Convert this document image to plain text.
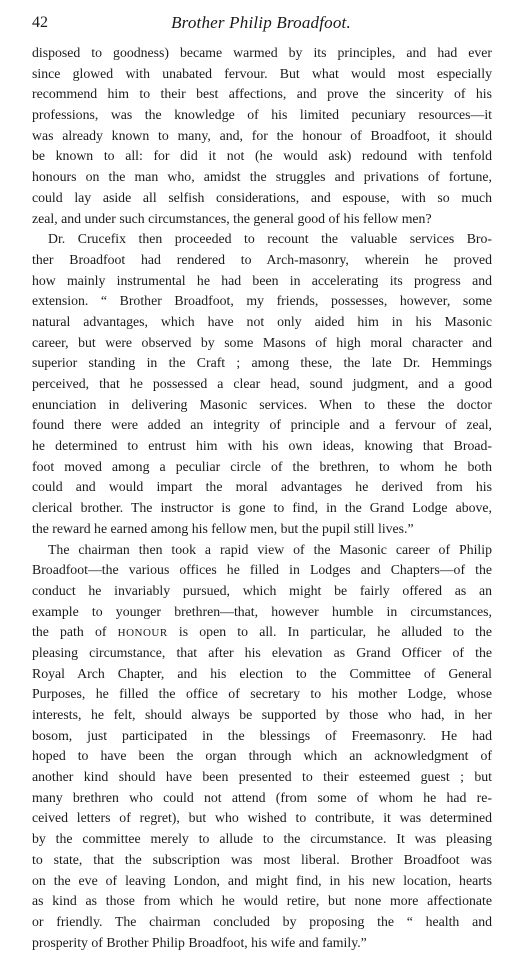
42	Brother Philip Broadfoot.
disposed to goodness) became warmed by its principles, and had ever
since glowed with unabated fervour. But what would most especially
recommend him to their best affections, and prove the sincerity of his
professions, was the knowledge of his limited pecuniary resources—it
was already known to many, and, for the honour of Broadfoot, it should
be known to all: for did it not (he would ask) redound with tenfold
honours on the man who, amidst the struggles and privations of fortune,
could lay aside all selfish considerations, and espouse, with so much
zeal, and under such circumstances, the general good of his fellow men?
Dr. Crucefix then proceeded to recount the valuable services Bro-
ther Broadfoot had rendered to Arch-masonry, wherein he proved
how mainly instrumental he had been in accelerating its progress and
extension. “ Brother Broadfoot, my friends, possesses, however, some
natural advantages, which have not only aided him in his Masonic
career, but were observed by some Masons of high moral character and
superior standing in the Craft ; among these, the late Dr. Hemmings
perceived, that he possessed a clear head, sound judgment, and a good
enunciation in delivering Masonic services. When to these the doctor
found there were added an integrity of principle and a fervour of zeal,
he determined to entrust him with his own ideas, knowing that Broad-
foot moved among a peculiar circle of the brethren, to whom he both
could and would impart the moral advantages he derived from his
clerical brother. The instructor is gone to find, in the Grand Lodge above,
the reward he earned among his fellow men, but the pupil still lives.”
The chairman then took a rapid view of the Masonic career of Philip
Broadfoot—the various offices he filled in Lodges and Chapters—of the
conduct he invariably pursued, which might be fairly offered as an
example to younger brethren—that, however humble in circumstances,
the path of HONOUR is open to all. In particular, he alluded to the
pleasing circumstance, that after his elevation as Grand Officer of the
Royal Arch Chapter, and his election to the Committee of General
Purposes, he filled the office of secretary to his mother Lodge, whose
interests, he felt, should always be supported by those who had, in her
bosom, just participated in the blessings of Freemasonry. He had
hoped to have been the organ through which an acknowledgment of
another kind should have been presented to their esteemed guest ; but
many brethren who could not attend (from some of whom he had re-
ceived letters of regret), but who wished to contribute, it was determined
by the committee merely to allude to the circumstance. It was pleasing
to state, that the subscription was most liberal. Brother Broadfoot was
on the eve of leaving London, and might find, in his new location, hearts
as kind as those from which he would retire, but none more affectionate
or friendly. The chairman concluded by proposing the “ health and
prosperity of Brother Philip Broadfoot, his wife and family.”
